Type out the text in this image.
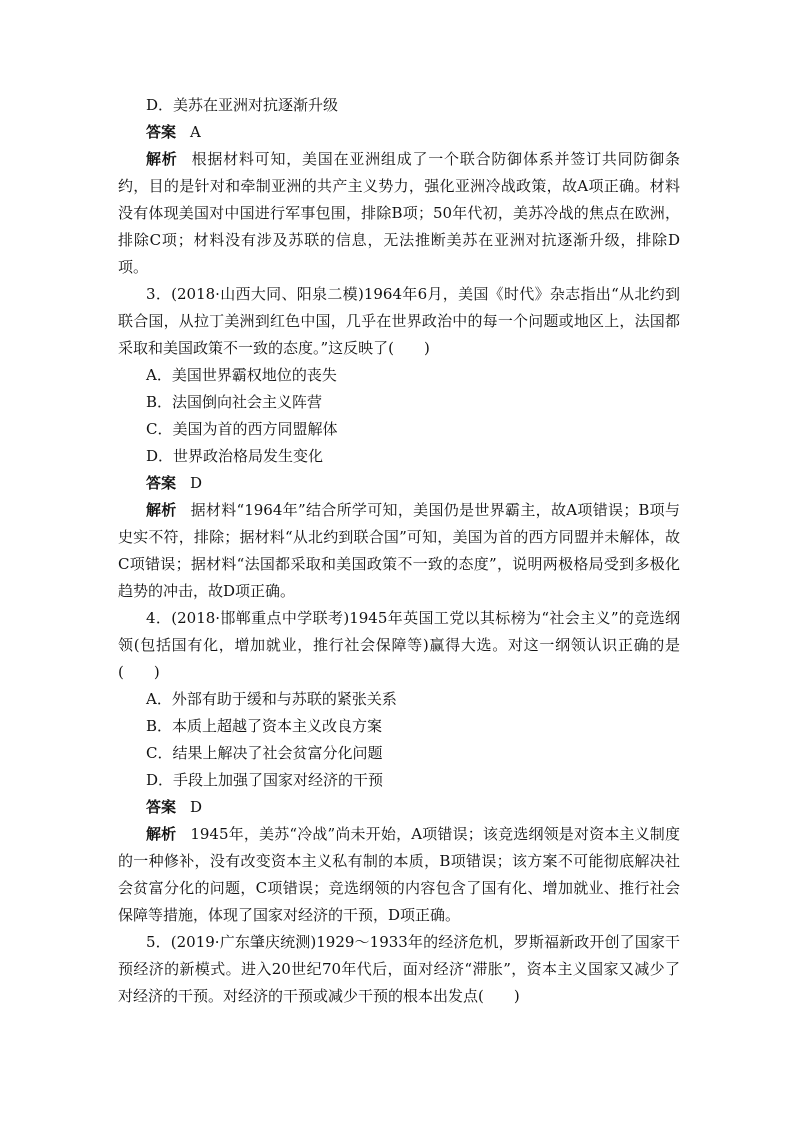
D．美苏在亚洲对抗逐渐升级

答案 A

解析 根据材料可知，美国在亚洲组成了一个联合防御体系并签订共同防御条约，目的是针对和牵制亚洲的共产主义势力，强化亚洲冷战政策，故A项正确。材料没有体现美国对中国进行军事包围，排除B项；50年代初，美苏冷战的焦点在欧洲，排除C项；材料没有涉及苏联的信息，无法推断美苏在亚洲对抗逐渐升级，排除D项。

3．(2018·山西大同、阳泉二模)1964年6月，美国《时代》杂志指出“从北约到联合国，从拉丁美洲到红色中国，几乎在世界政治中的每一个问题或地区上，法国都采取和美国政策不一致的态度。”这反映了(　　)

A．美国世界霸权地位的丧失

B．法国倒向社会主义阵营

C．美国为首的西方同盟解体

D．世界政治格局发生变化

答案 D

解析 据材料“1964年”结合所学可知，美国仍是世界霸主，故A项错误；B项与史实不符，排除；据材料“从北约到联合国”可知，美国为首的西方同盟并未解体，故C项错误；据材料“法国都采取和美国政策不一致的态度”，说明两极格局受到多极化趋势的冲击，故D项正确。

4．(2018·邯郸重点中学联考)1945年英国工党以其标榜为“社会主义”的竞选纲领(包括国有化，增加就业，推行社会保障等)赢得大选。对这一纲领认识正确的是(　　)

A．外部有助于缓和与苏联的紧张关系

B．本质上超越了资本主义改良方案

C．结果上解决了社会贫富分化问题

D．手段上加强了国家对经济的干预

答案 D

解析 1945年，美苏“冷战”尚未开始，A项错误；该竞选纲领是对资本主义制度的一种修补，没有改变资本主义私有制的本质，B项错误；该方案不可能彻底解决社会贫富分化的问题，C项错误；竞选纲领的内容包含了国有化、增加就业、推行社会保障等措施，体现了国家对经济的干预，D项正确。

5．(2019·广东肇庆统测)1929～1933年的经济危机，罗斯福新政开创了国家干预经济的新模式。进入20世纪70年代后，面对经济“滞胀”，资本主义国家又减少了对经济的干预。对经济的干预或减少干预的根本出发点(　　)
